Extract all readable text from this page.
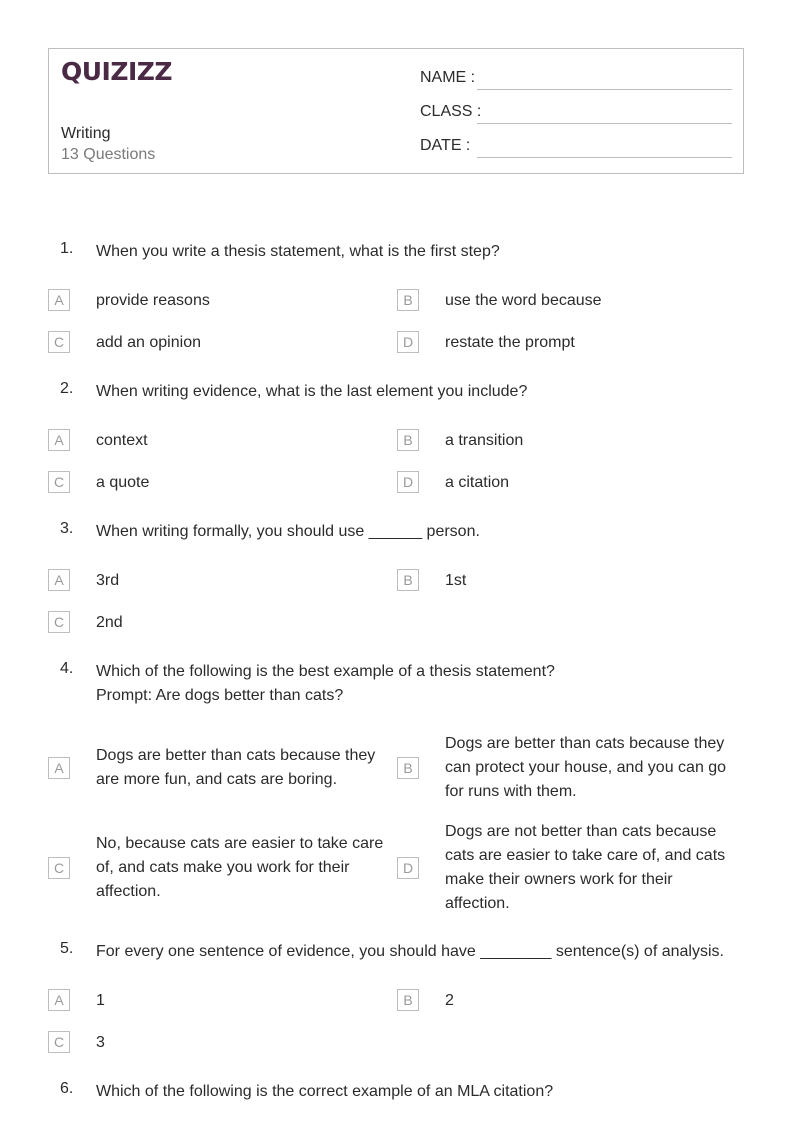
QUIZIZZ
Writing
13 Questions
NAME :
CLASS :
DATE :
1. When you write a thesis statement, what is the first step?
A	provide reasons	B	use the word because
C	add an opinion	D	restate the prompt
2. When writing evidence, what is the last element you include?
A	context	B	a transition
C	a quote	D	a citation
3. When writing formally, you should use ______ person.
A	3rd	B	1st
C	2nd
4. Which of the following is the best example of a thesis statement?
Prompt: Are dogs better than cats?
A
Dogs are better than cats because they
are more fun, and cats are boring.
B
Dogs are better than cats because they
can protect your house, and you can go
for runs with them.
C
No, because cats are easier to take care
of, and cats make you work for their
affection.
D
Dogs are not better than cats because
cats are easier to take care of, and cats
make their owners work for their
affection.
5. For every one sentence of evidence, you should have ________ sentence(s) of analysis.
A	1	B	2
C	3
6. Which of the following is the correct example of an MLA citation?
